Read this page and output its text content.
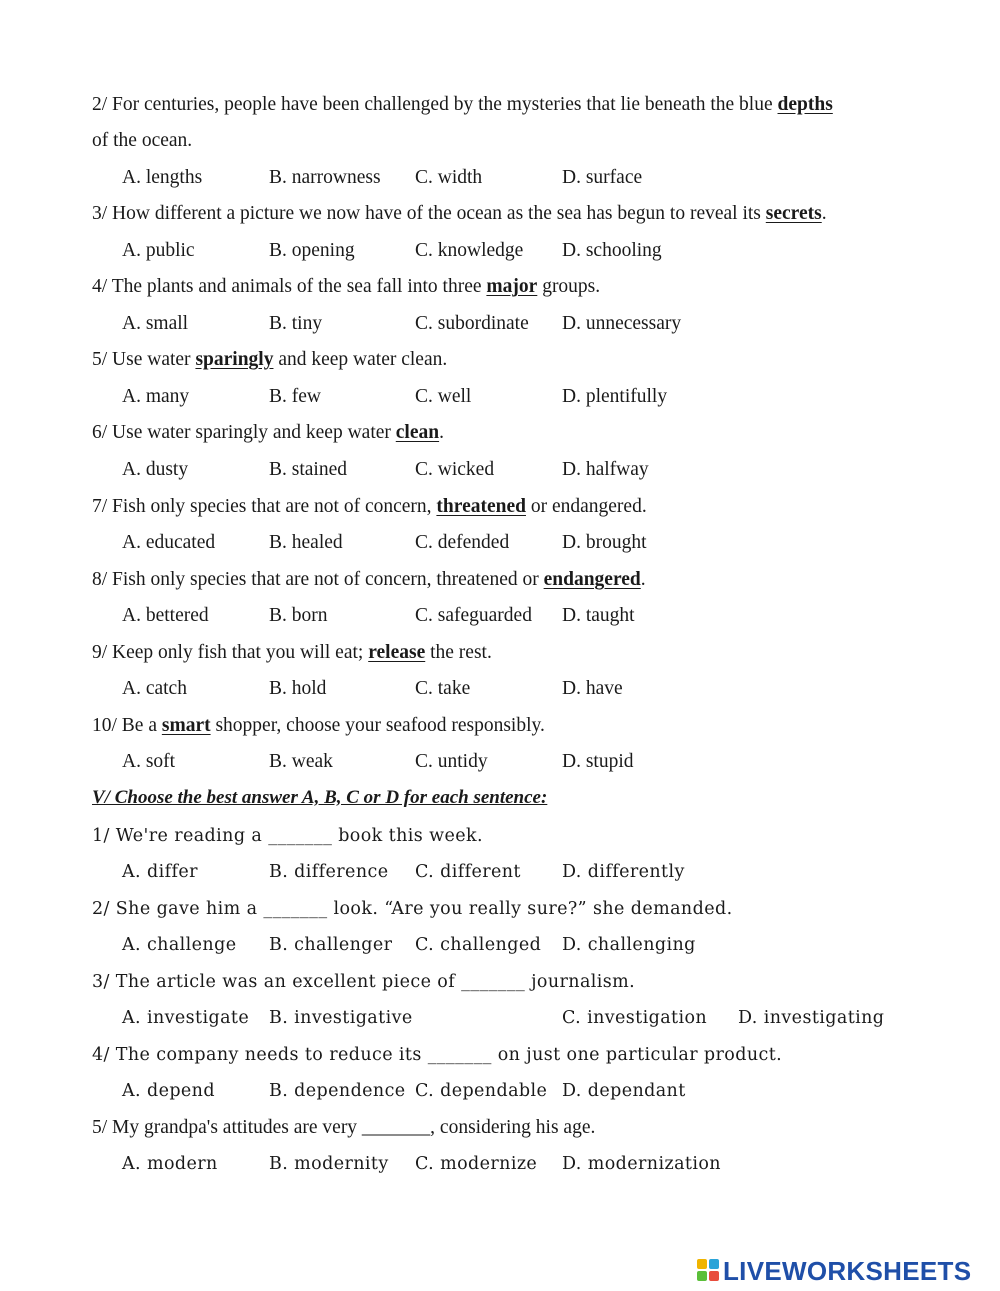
2/ For centuries, people have been challenged by the mysteries that lie beneath the blue depths
of the ocean.
A. lengths	B. narrowness C. width	D. surface
3/ How different a picture we now have of the ocean as the sea has begun to reveal its secrets.
A. public	B. opening	C. knowledge D. schooling
4/ The plants and animals of the sea fall into three major groups.
A. small	B. tiny	C. subordinate D. unnecessary
5/ Use water sparingly and keep water clean.
A. many	B. few	C. well	D. plentifully
6/ Use water sparingly and keep water clean.
A. dusty	B. stained	C. wicked	D. halfway
7/ Fish only species that are not of concern, threatened or endangered.
A. educated	B. healed	C. defended	D. brought
8/ Fish only species that are not of concern, threatened or endangered.
A. bettered	B. born	C. safeguarded D. taught
9/ Keep only fish that you will eat; release the rest.
A. catch	B. hold	C. take	D. have
10/ Be a smart shopper, choose your seafood responsibly.
A. soft	B. weak	C. untidy	D. stupid
V/ Choose the best answer A, B, C or D for each sentence:
1/ We're reading a _______ book this week.
A. differ	B. difference C. different D. differently
2/ She gave him a _______ look. “Are you really sure?” she demanded.
A. challenge B. challenger C. challenged D. challenging
3/ The article was an excellent piece of _______ journalism.
A. investigate B. investigative	C. investigation D. investigating
4/ The company needs to reduce its _______ on just one particular product.
A. depend	B. dependence C. dependable D. dependant
5/ My grandpa's attitudes are very _______, considering his age.
A. modern	B. modernity C. modernize D. modernization
LIVEWORKSHEETS
